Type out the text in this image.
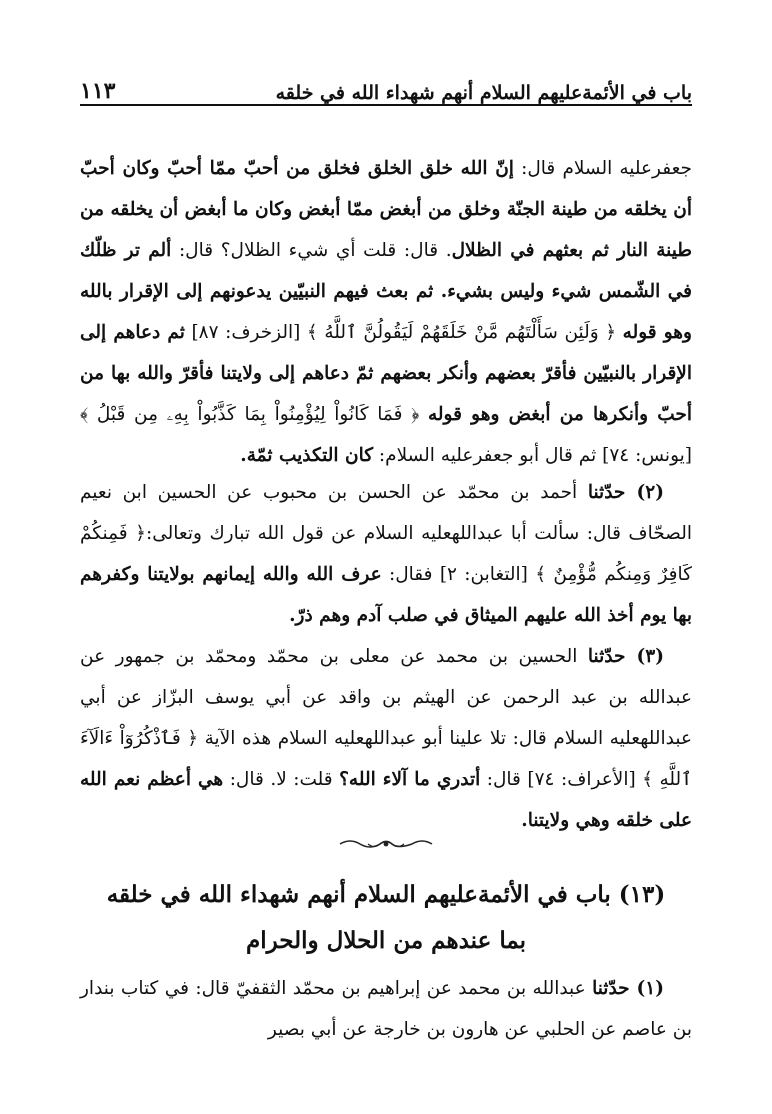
باب في الأئمةعليهم السلام أنهم شهداء الله في خلقه
١١٣

جعفرعليه السلام قال: إنّ الله خلق الخلق فخلق من أحبّ ممّا أحبّ وكان أحبّ أن يخلقه من طينة الجنّة وخلق من أبغض ممّا أبغض وكان ما أبغض أن يخلقه من طينة النار ثم بعثهم في الظلال. قال: قلت أي شيء الظلال؟ قال: ألم تر ظلّك في الشّمس شيء وليس بشيء. ثم بعث فيهم النبيّين يدعونهم إلى الإقرار بالله وهو قوله ﴿ وَلَئِن سَأَلْتَهُم مَّنْ خَلَقَهُمْ لَيَقُولُنَّ ٱللَّهُ ﴾ [الزخرف: ٨٧] ثم دعاهم إلى الإقرار بالنبيّين فأقرّ بعضهم وأنكر بعضهم ثمّ دعاهم إلى ولايتنا فأقرّ والله بها من أحبّ وأنكرها من أبغض وهو قوله ﴿ فَمَا كَانُواْ لِيُؤْمِنُواْ بِمَا كَذَّبُواْ بِهِۦ مِن قَبْلُ ﴾ [يونس: ٧٤] ثم قال أبو جعفرعليه السلام: كان التكذيب ثمّة.

(٢) حدّثنا أحمد بن محمّد عن الحسن بن محبوب عن الحسين ابن نعيم الصحّاف قال: سألت أبا عبداللهعليه السلام عن قول الله تبارك وتعالى:﴿ فَمِنكُمْ كَافِرٌ وَمِنكُم مُّؤْمِنٌ ﴾ [التغابن: ٢] فقال: عرف الله والله إيمانهم بولايتنا وكفرهم بها يوم أخذ الله عليهم الميثاق في صلب آدم وهم ذرّ.

(٣) حدّثنا الحسين بن محمد عن معلى بن محمّد ومحمّد بن جمهور عن عبدالله بن عبد الرحمن عن الهيثم بن واقد عن أبي يوسف البزّاز عن أبي عبداللهعليه السلام قال: تلا علينا أبو عبداللهعليه السلام هذه الآية ﴿ فَٱذْكُرُوٓاْ ءَالَآءَ ٱللَّهِ ﴾ [الأعراف: ٧٤] قال: أتدري ما آلاء الله؟ قلت: لا. قال: هي أعظم نعم الله على خلقه وهي ولايتنا.

(١٣) باب في الأئمةعليهم السلام أنهم شهداء الله في خلقه
بما عندهم من الحلال والحرام

(١) حدّثنا عبدالله بن محمد عن إبراهيم بن محمّد الثقفيّ قال: في كتاب بندار بن عاصم عن الحلبي عن هارون بن خارجة عن أبي بصير
